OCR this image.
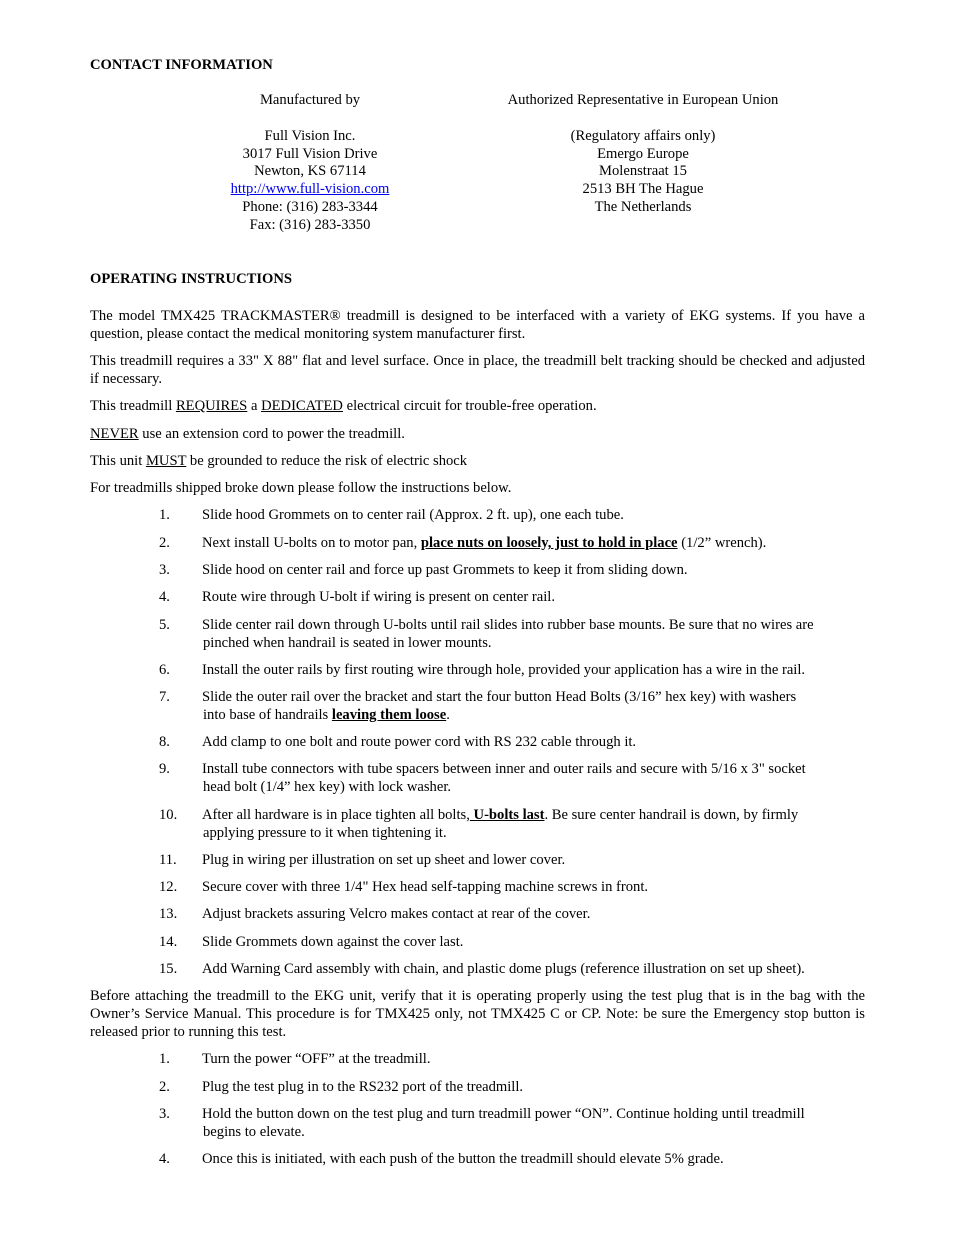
CONTACT INFORMATION
Manufactured by
Full Vision Inc.
3017 Full Vision Drive
Newton, KS 67114
http://www.full-vision.com
Phone: (316) 283-3344
Fax: (316) 283-3350
Authorized Representative in European Union
(Regulatory affairs only)
Emergo Europe
Molenstraat 15
2513 BH The Hague
The Netherlands
OPERATING INSTRUCTIONS
The model TMX425 TRACKMASTER® treadmill is designed to be interfaced with a variety of EKG systems. If you have a question, please contact the medical monitoring system manufacturer first.
This treadmill requires a 33" X 88" flat and level surface. Once in place, the treadmill belt tracking should be checked and adjusted if necessary.
This treadmill REQUIRES a DEDICATED electrical circuit for trouble-free operation.
NEVER use an extension cord to power the treadmill.
This unit MUST be grounded to reduce the risk of electric shock
For treadmills shipped broke down please follow the instructions below.
1. Slide hood Grommets on to center rail (Approx. 2 ft. up), one each tube.
2. Next install U-bolts on to motor pan, place nuts on loosely, just to hold in place (1/2” wrench).
3. Slide hood on center rail and force up past Grommets to keep it from sliding down.
4. Route wire through U-bolt if wiring is present on center rail.
5. Slide center rail down through U-bolts until rail slides into rubber base mounts. Be sure that no wires are
pinched when handrail is seated in lower mounts.
6. Install the outer rails by first routing wire through hole, provided your application has a wire in the rail.
7. Slide the outer rail over the bracket and start the four button Head Bolts (3/16” hex key) with washers
into base of handrails leaving them loose.
8. Add clamp to one bolt and route power cord with RS 232 cable through it.
9. Install tube connectors with tube spacers between inner and outer rails and secure with 5/16 x 3" socket
head bolt (1/4” hex key) with lock washer.
10. After all hardware is in place tighten all bolts, U-bolts last. Be sure center handrail is down, by firmly
applying pressure to it when tightening it.
11. Plug in wiring per illustration on set up sheet and lower cover.
12. Secure cover with three 1/4" Hex head self-tapping machine screws in front.
13. Adjust brackets assuring Velcro makes contact at rear of the cover.
14. Slide Grommets down against the cover last.
15. Add Warning Card assembly with chain, and plastic dome plugs (reference illustration on set up sheet).
Before attaching the treadmill to the EKG unit, verify that it is operating properly using the test plug that is in the bag with the Owner’s Service Manual. This procedure is for TMX425 only, not TMX425 C or CP. Note: be sure the Emergency stop button is released prior to running this test.
1. Turn the power “OFF” at the treadmill.
2. Plug the test plug in to the RS232 port of the treadmill.
3. Hold the button down on the test plug and turn treadmill power “ON”. Continue holding until treadmill
begins to elevate.
4. Once this is initiated, with each push of the button the treadmill should elevate 5% grade.
